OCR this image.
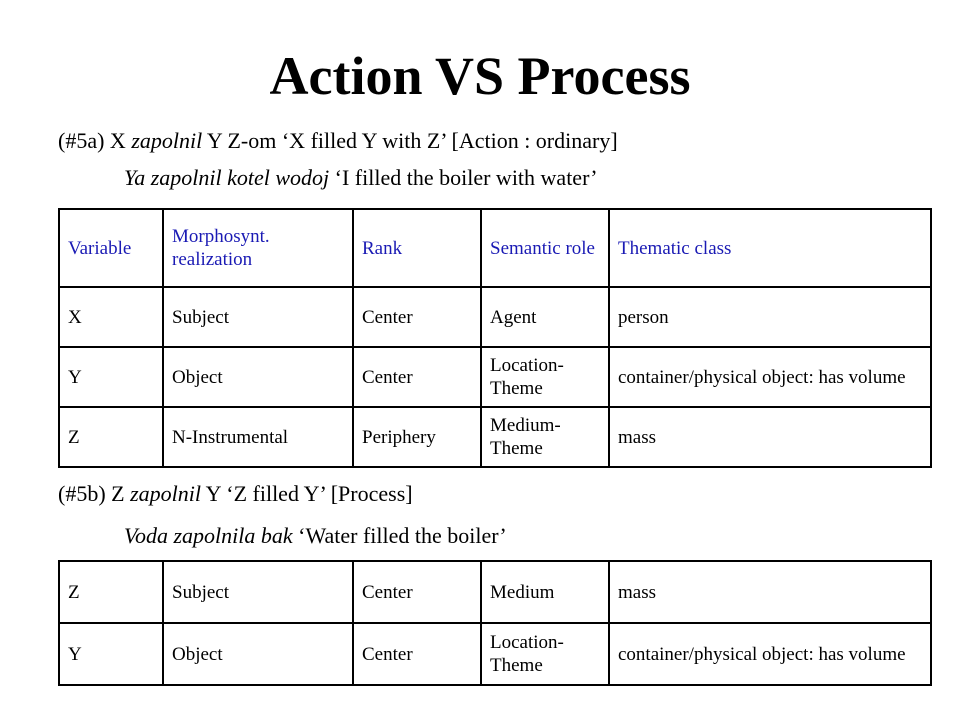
Action VS Process
(#5a) X zapolnil Y Z-om ‘X filled Y with Z’ [Action : ordinary]
Ya zapolnil kotel wodoj ‘I filled the boiler with water’
Variable	Morphosynt. realization	Rank	Semantic role	Thematic class
X	Subject	Center	Agent	person
Y	Object	Center	Location-Theme	container/physical object: has volume
Z	N-Instrumental	Periphery	Medium-Theme	mass
(#5b) Z zapolnil Y ‘Z filled Y’ [Process]
Voda zapolnila bak ‘Water filled the boiler’
Z	Subject	Center	Medium	mass
Y	Object	Center	Location-Theme	container/physical object: has volume
